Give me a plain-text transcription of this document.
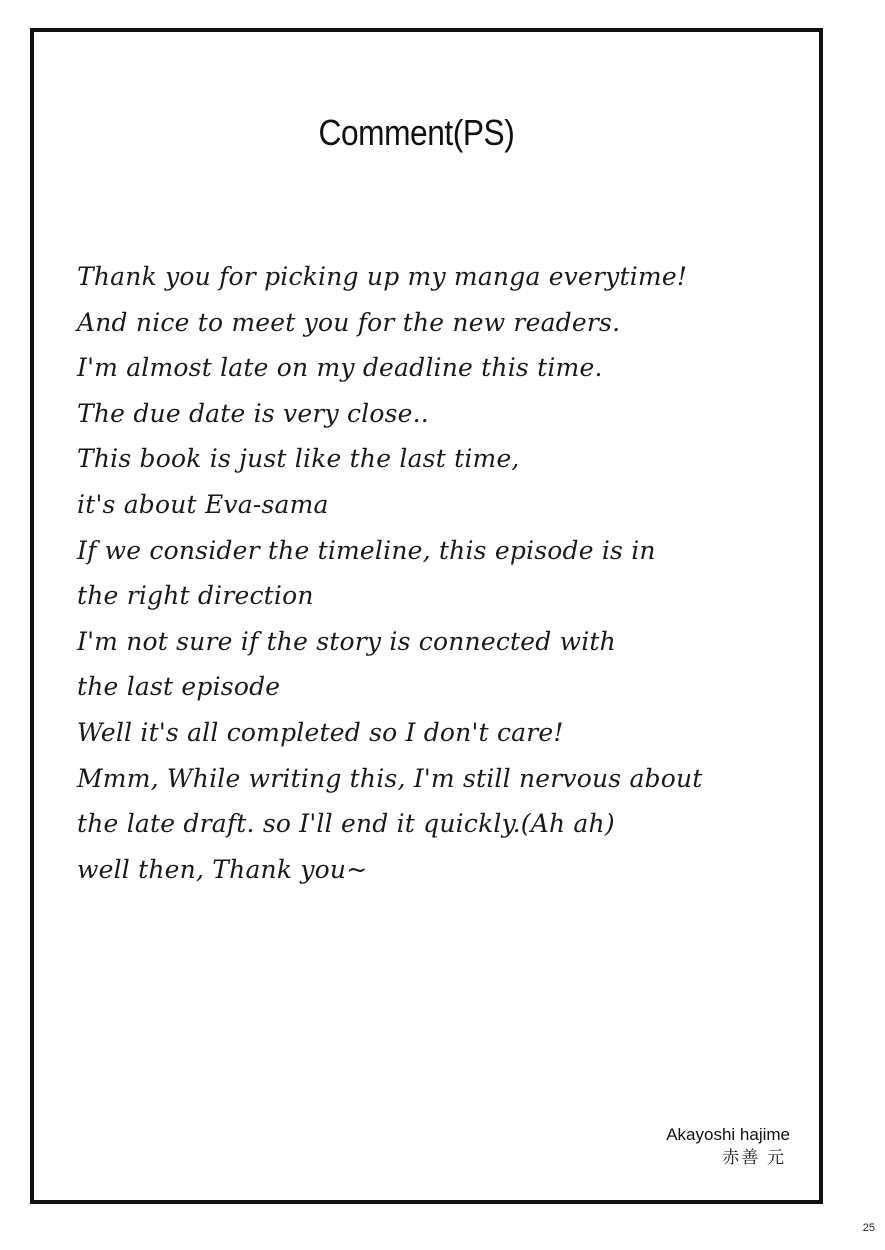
Comment(PS)
Thank you for picking up my manga everytime!
And nice to meet you for the new readers.
I'm almost late on my deadline this time.
The due date is very close..
This book is just like the last time,
it's about Eva-sama
If we consider the timeline, this episode is in
the right direction
I'm not sure if the story is connected with
the last episode
Well it's all completed so I don't care!
Mmm, While writing this, I'm still nervous about
the late draft. so I'll end it quickly.(Ah ah)
well then, Thank you~
Akayoshi hajime
赤善 元
25
